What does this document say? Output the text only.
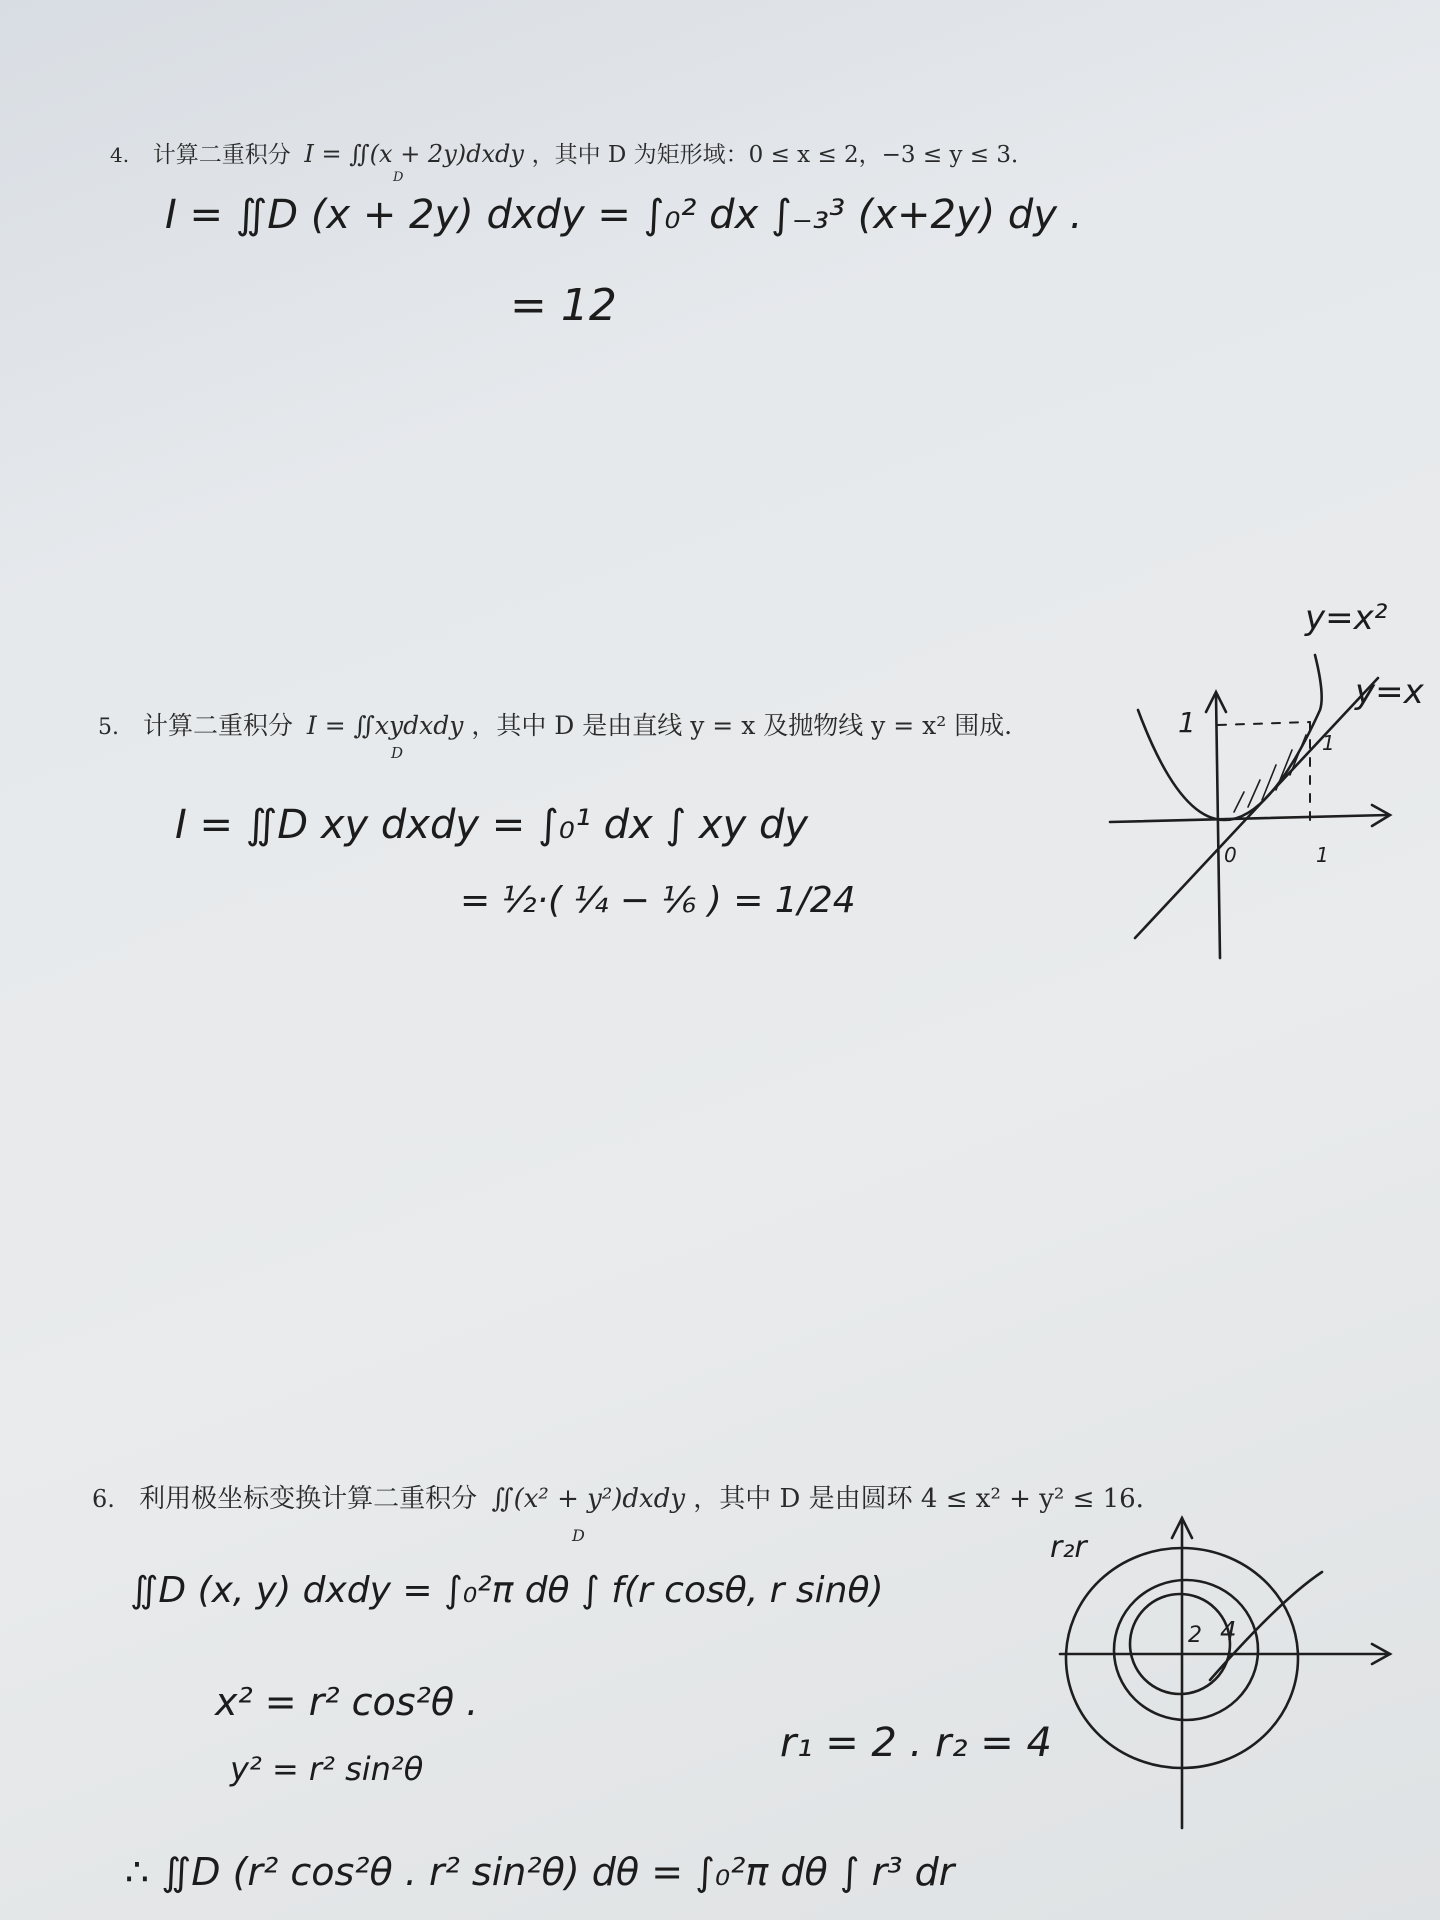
4. 计算二重积分 I = ∬(x + 2y)dxdy ，其中 D 为矩形域：0 ≤ x ≤ 2，−3 ≤ y ≤ 3．
D
I = ∬D (x + 2y) dxdy = ∫₀² dx ∫₋₃³ (x+2y) dy .
= 12
5. 计算二重积分 I = ∬xydxdy ，其中 D 是由直线 y = x 及抛物线 y = x² 围成．
D
I = ∬D xy dxdy = ∫₀¹ dx ∫ xy dy
= ½·( ¼ − ⅙ ) = 1/24
0	1
1
1
y=x²
y=x
6. 利用极坐标变换计算二重积分 ∬(x² + y²)dxdy ，其中 D 是由圆环 4 ≤ x² + y² ≤ 16．
D
∬D (x, y) dxdy = ∫₀²π dθ ∫ f(r cosθ, r sinθ)
x² = r² cos²θ .
y² = r² sin²θ
r₁ = 2 . r₂ = 4
∴ ∬D (r² cos²θ . r² sin²θ) dθ = ∫₀²π dθ ∫ r³ dr
2 4
r₂r
